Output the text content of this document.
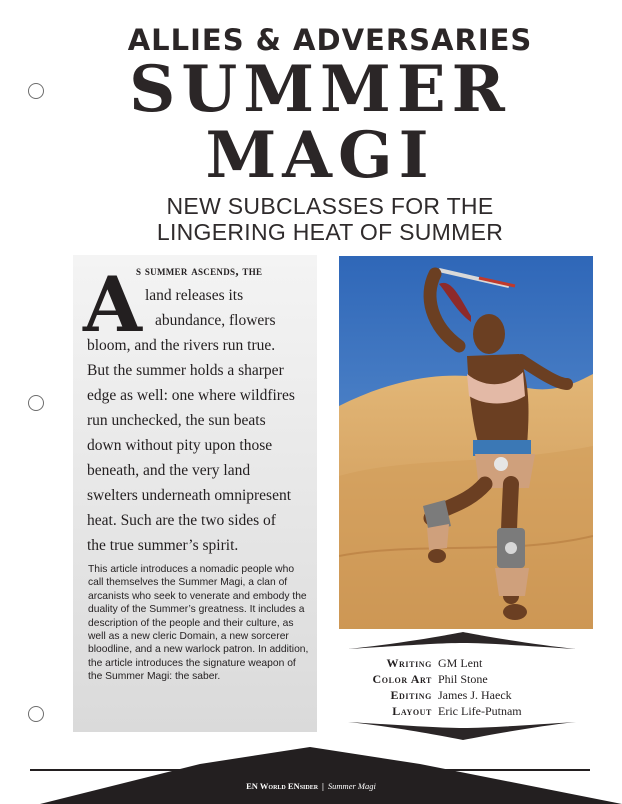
ALLIES & ADVERSARIES
SUMMER
MAGI
NEW SUBCLASSES FOR THE
LINGERING HEAT OF SUMMER
A
s summer ascends, the
land releases its
abundance, flowers
bloom, and the rivers run true.
But the summer holds a sharper
edge as well: one where wildfires
run unchecked, the sun beats
down without pity upon those
beneath, and the very land
swelters underneath omnipresent
heat. Such are the two sides of
the true summer’s spirit.
This article introduces a nomadic people who call themselves the Summer Magi, a clan of arcanists who seek to venerate and embody the duality of the Summer’s greatness. It includes a description of the people and their culture, as well as a new cleric Domain, a new sorcerer bloodline, and a new warlock patron. In addition, the article introduces the signature weapon of the Summer Magi: the saber.
Writing GM Lent
Color Art Phil Stone
Editing James J. Haeck
Layout Eric Life-Putnam
EN World ENsider | Summer Magi
